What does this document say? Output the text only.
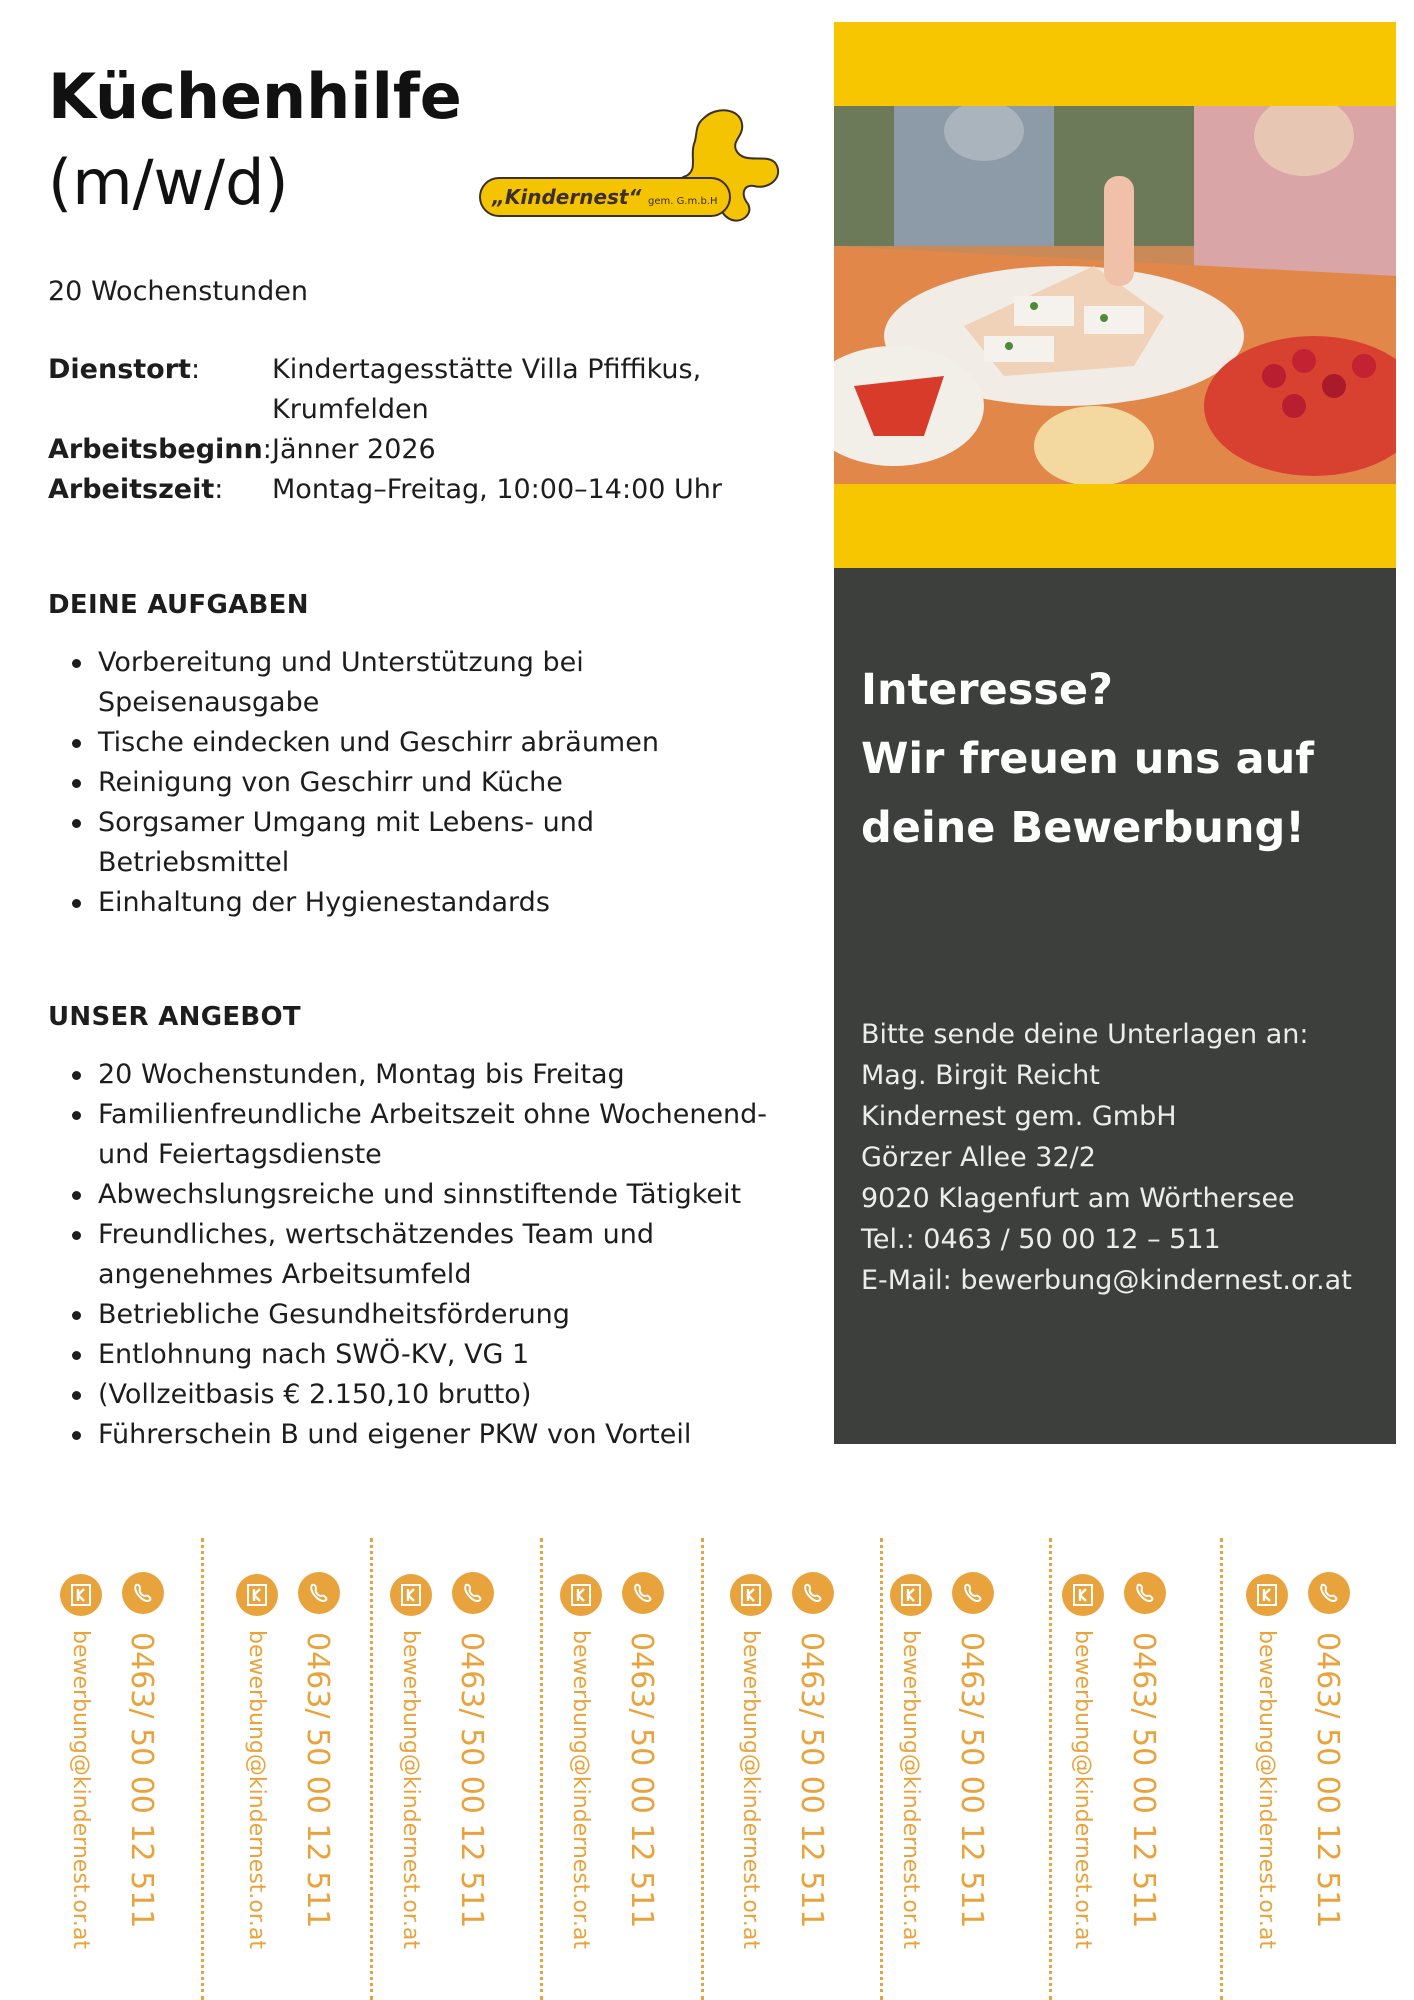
Küchenhilfe
(m/w/d)	„Kindernest“ gem. G.m.b.H
20 Wochenstunden
Dienstort:	Kindertagesstätte Villa Pfiffikus, Krumfelden
Arbeitsbeginn: Jänner 2026
Arbeitszeit: Montag–Freitag, 10:00–14:00 Uhr
DEINE AUFGABEN
Vorbereitung und Unterstützung bei Speisenausgabe
Tische eindecken und Geschirr abräumen
Reinigung von Geschirr und Küche
Sorgsamer Umgang mit Lebens- und Betriebsmittel
Einhaltung der Hygienestandards
UNSER ANGEBOT
20 Wochenstunden, Montag bis Freitag
Familienfreundliche Arbeitszeit ohne Wochenend- und Feiertagsdienste
Abwechslungsreiche und sinnstiftende Tätigkeit
Freundliches, wertschätzendes Team und angenehmes Arbeitsumfeld
Betriebliche Gesundheitsförderung
Entlohnung nach SWÖ-KV, VG 1
(Vollzeitbasis € 2.150,10 brutto)
Führerschein B und eigener PKW von Vorteil
Interesse?
Wir freuen uns auf
deine Bewerbung!
Bitte sende deine Unterlagen an:
Mag. Birgit Reicht
Kindernest gem. GmbH
Görzer Allee 32/2
9020 Klagenfurt am Wörthersee
Tel.: 0463 / 50 00 12 – 511
E-Mail: bewerbung@kindernest.or.at
bewerbung@kindernest.or.at 0463/ 50 00 12 511	bewerbung@kindernest.or.at 0463/ 50 00 12 511	bewerbung@kindernest.or.at 0463/ 50 00 12 511	bewerbung@kindernest.or.at 0463/ 50 00 12 511	bewerbung@kindernest.or.at 0463/ 50 00 12 511	bewerbung@kindernest.or.at 0463/ 50 00 12 511	bewerbung@kindernest.or.at 0463/ 50 00 12 511	bewerbung@kindernest.or.at 0463/ 50 00 12 511
